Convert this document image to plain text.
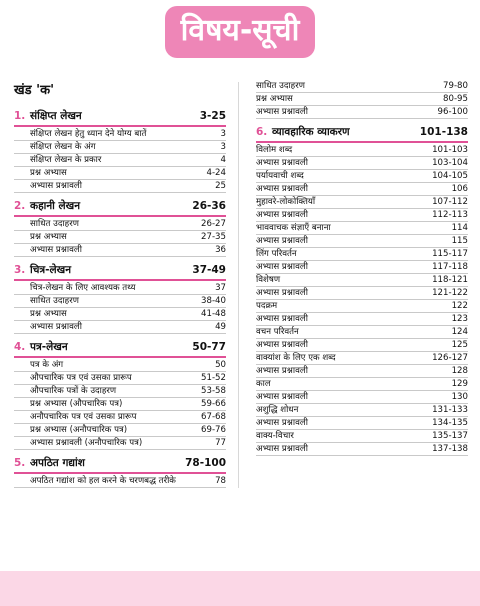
विषय-सूची
खंड 'क'
1. संक्षिप्त लेखन	3-25
संक्षिप्त लेखन हेतु ध्यान देने योग्य बातें	3
संक्षिप्त लेखन के अंग	3
संक्षिप्त लेखन के प्रकार	4
प्रश्न अभ्यास	4-24
अभ्यास प्रश्नावली	25
2. कहानी लेखन	26-36
साधित उदाहरण	26-27
प्रश्न अभ्यास	27-35
अभ्यास प्रश्नावली	36
3. चित्र-लेखन	37-49
चित्र-लेखन के लिए आवश्यक तथ्य	37
साधित उदाहरण	38-40
प्रश्न अभ्यास	41-48
अभ्यास प्रश्नावली	49
4. पत्र-लेखन	50-77
पत्र के अंग	50
औपचारिक पत्र एवं उसका प्रारूप	51-52
औपचारिक पत्रों के उदाहरण	53-58
प्रश्न अभ्यास (औपचारिक पत्र)	59-66
अनौपचारिक पत्र एवं उसका प्रारूप	67-68
प्रश्न अभ्यास (अनौपचारिक पत्र)	69-76
अभ्यास प्रश्नावली (अनौपचारिक पत्र)	77
5. अपठित गद्यांश	78-100
अपठित गद्यांश को हल करने के चरणबद्ध तरीके	78
साधित उदाहरण	79-80
प्रश्न अभ्यास	80-95
अभ्यास प्रश्नावली	96-100
6. व्यावहारिक व्याकरण	101-138
विलोम शब्द	101-103
अभ्यास प्रश्नावली	103-104
पर्यायवाची शब्द	104-105
अभ्यास प्रश्नावली	106
मुहावरे-लोकोक्तियाँ	107-112
अभ्यास प्रश्नावली	112-113
भाववाचक संज्ञाएँ बनाना	114
अभ्यास प्रश्नावली	115
लिंग परिवर्तन	115-117
अभ्यास प्रश्नावली	117-118
विशेषण	118-121
अभ्यास प्रश्नावली	121-122
पदक्रम	122
अभ्यास प्रश्नावली	123
वचन परिवर्तन	124
अभ्यास प्रश्नावली	125
वाक्यांश के लिए एक शब्द	126-127
अभ्यास प्रश्नावली	128
काल	129
अभ्यास प्रश्नावली	130
अशुद्धि शोधन	131-133
अभ्यास प्रश्नावली	134-135
वाक्य-विचार	135-137
अभ्यास प्रश्नावली	137-138
